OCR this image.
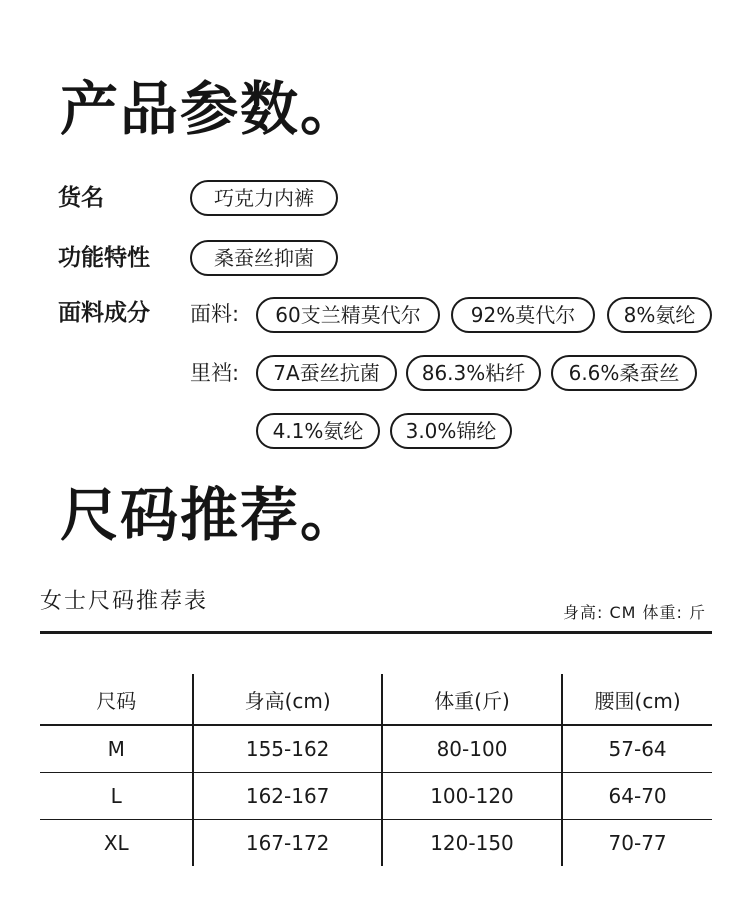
产品参数。
货名	巧克力内裤
功能特性	桑蚕丝抑菌
面料成分 面料:	60支兰精莫代尔	92%莫代尔	8%氨纶
里裆:	7A蚕丝抗菌	86.3%粘纤	6.6%桑蚕丝
4.1%氨纶	3.0%锦纶
尺码推荐。
女士尺码推荐表	身高: CM 体重: 斤
尺码	身高(cm)	体重(斤)	腰围(cm)
M	155-162	80-100	57-64
L	162-167	100-120	64-70
XL	167-172	120-150	70-77
